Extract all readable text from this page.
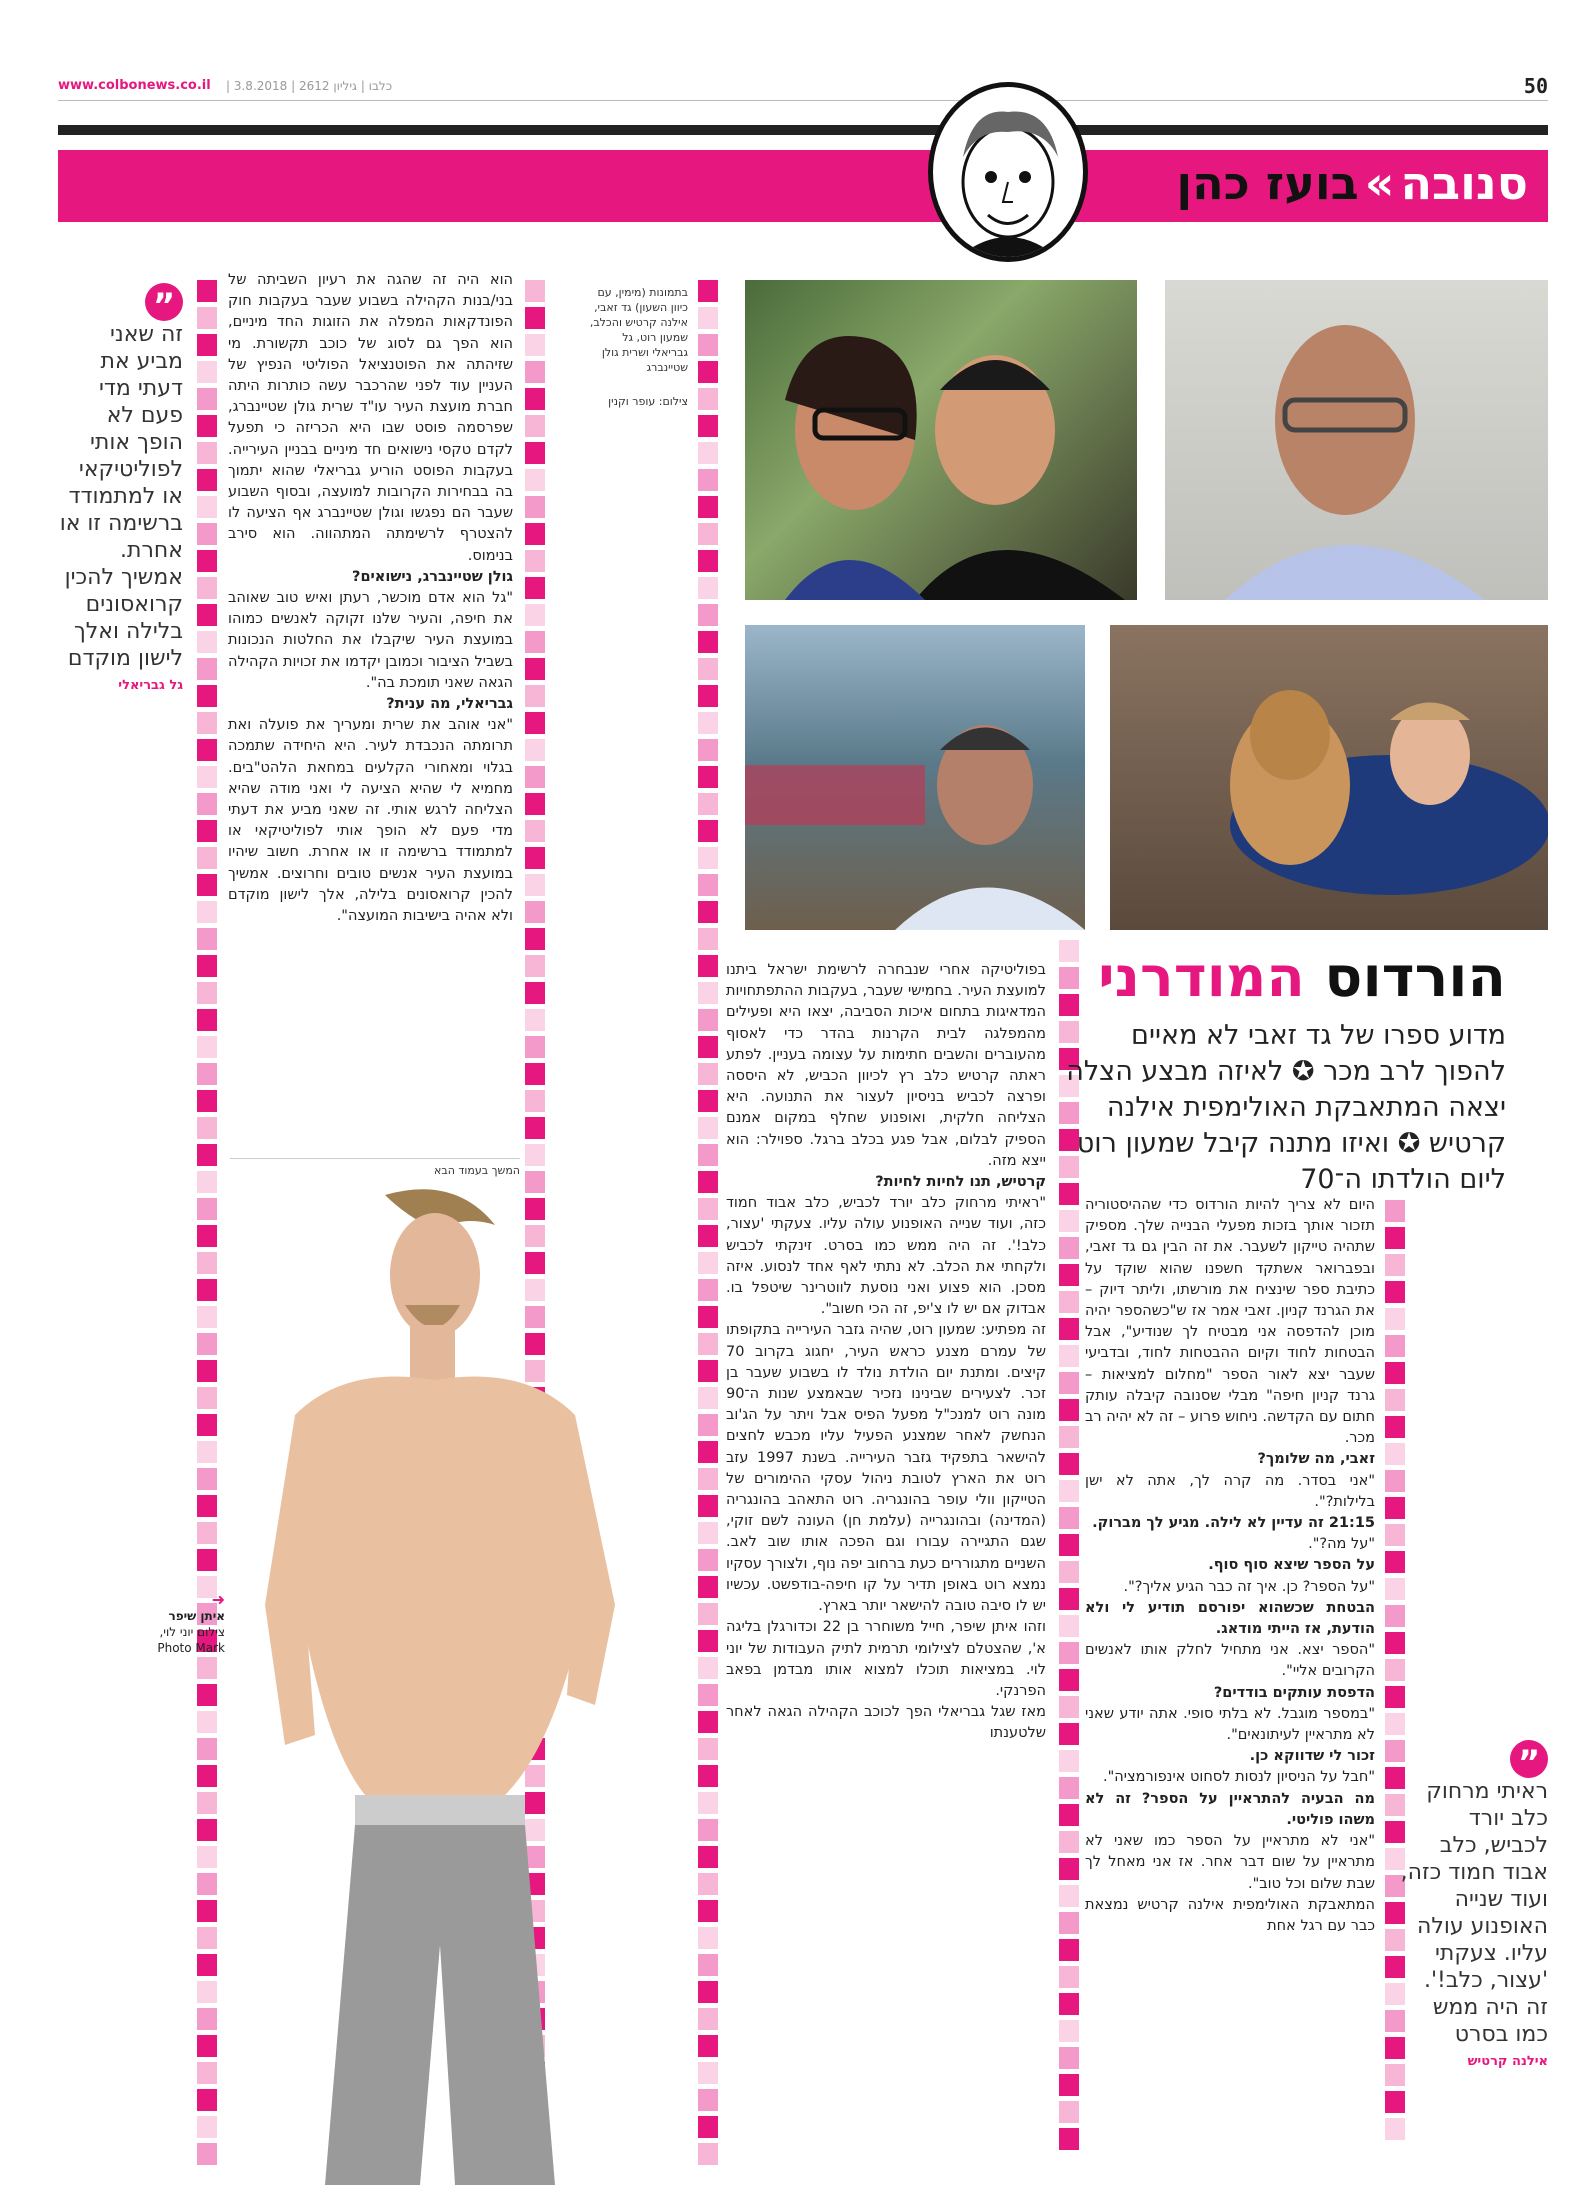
www.colbonews.co.il | כלבו | גיליון 2612 | 3.8.2018	50
סנובה»בועז כהן
בתמונות (מימין, עם כיוון השעון) גד זאבי, אילנה קרטיש והכלב, שמעון רוט, גל גבריאלי ושרית גולן שטיינברג
צילום: עופר וקנין
➜
איתן שיפר
צילום יוני לוי, Photo Mark
המשך בעמוד הבא
”
זה שאני מביע את דעתי מדי פעם לא הופך אותי לפוליטיקאי או למתמודד ברשימה זו או אחרת. אמשיך להכין קרואסונים בלילה ואלך לישון מוקדם
גל גבריאלי
”
ראיתי מרחוק כלב יורד לכביש, כלב אבוד חמוד כזה, ועוד שנייה האופנוע עולה עליו. צעקתי 'עצור, כלב!'. זה היה ממש כמו בסרט
אילנה קרטיש
הורדוס המודרני
מדוע ספרו של גד זאבי לא מאיים להפוך לרב מכר ✪ לאיזה מבצע הצלה יצאה המתאבקת האולימפית אילנה קרטיש ✪ ואיזו מתנה קיבל שמעון רוט ליום הולדתו ה־70

היום לא צריך להיות הורדוס כדי שההיסטוריה תזכור אותך בזכות מפעלי הבנייה שלך. מספיק שתהיה טייקון לשעבר. את זה הבין גם גד זאבי, ובפברואר אשתקד חשפנו שהוא שוקד על כתיבת ספר שינציח את מורשתו, וליתר דיוק – את הגרנד קניון. זאבי אמר אז ש"כשהספר יהיה מוכן להדפסה אני מבטיח לך שנודיע", אבל הבטחות לחוד וקיום ההבטחות לחוד, ובדביעי שעבר יצא לאור הספר "מחלום למציאות – גרנד קניון חיפה" מבלי שסנובה קיבלה עותק חתום עם הקדשה. ניחוש פרוע – זה לא יהיה רב מכר.

זאבי, מה שלומך?

"אני בסדר. מה קרה לך, אתה לא ישן בלילות?".

21:15 זה עדיין לא לילה. מגיע לך מברוק.

"על מה?".

על הספר שיצא סוף סוף.

"על הספר? כן. איך זה כבר הגיע אליך?".

הבטחת שכשהוא יפורסם תודיע לי ולא הודעת, אז הייתי מודאג.

"הספר יצא. אני מתחיל לחלק אותו לאנשים הקרובים אליי".

הדפסת עותקים בודדים?

"במספר מוגבל. לא בלתי סופי. אתה יודע שאני לא מתראיין לעיתונאים".

זכור לי שדווקא כן.

"חבל על הניסיון לנסות לסחוט אינפורמציה".

מה הבעיה להתראיין על הספר? זה לא משהו פוליטי.

"אני לא מתראיין על הספר כמו שאני לא מתראיין על שום דבר אחר. אז אני מאחל לך שבת שלום וכל טוב".

המתאבקת האולימפית אילנה קרטיש נמצאת כבר עם רגל אחת

בפוליטיקה אחרי שנבחרה לרשימת ישראל ביתנו למועצת העיר. בחמישי שעבר, בעקבות ההתפתחויות המדאיגות בתחום איכות הסביבה, יצאו היא ופעילים מהמפלגה לבית הקרנות בהדר כדי לאסוף מהעוברים והשבים חתימות על עצומה בעניין. לפתע ראתה קרטיש כלב רץ לכיוון הכביש, לא היססה ופרצה לכביש בניסיון לעצור את התנועה. היא הצליחה חלקית, ואופנוע שחלף במקום אמנם הספיק לבלום, אבל פגע בכלב ברגל. ספוילר: הוא ייצא מזה.

קרטיש, תנו לחיות לחיות?

"ראיתי מרחוק כלב יורד לכביש, כלב אבוד חמוד כזה, ועוד שנייה האופנוע עולה עליו. צעקתי 'עצור, כלב!'. זה היה ממש כמו בסרט. זינקתי לכביש ולקחתי את הכלב. לא נתתי לאף אחד לנסוע. איזה מסכן. הוא פצוע ואני נוסעת לווטרינר שיטפל בו. אבדוק אם יש לו צ'יפ, זה הכי חשוב".

זה מפתיע: שמעון רוט, שהיה גזבר העירייה בתקופתו של עמרם מצנע כראש העיר, יחגוג בקרוב 70 קיצים. ומתנת יום הולדת נולד לו בשבוע שעבר בן זכר. לצעירים שבינינו נזכיר שבאמצע שנות ה־90 מונה רוט למנכ"ל מפעל הפיס אבל ויתר על הג'וב הנחשק לאחר שמצנע הפעיל עליו מכבש לחצים להישאר בתפקיד גזבר העירייה. בשנת 1997 עזב רוט את הארץ לטובת ניהול עסקי ההימורים של הטייקון וולי עופר בהונגריה. רוט התאהב בהונגריה (המדינה) ובהונגרייה (עלמת חן) העונה לשם זוקי, שגם התגיירה עבורו וגם הפכה אותו שוב לאב. השניים מתגוררים כעת ברחוב יפה נוף, ולצורך עסקיו נמצא רוט באופן תדיר על קו חיפה-בודפשט. עכשיו יש לו סיבה טובה להישאר יותר בארץ.

וזהו איתן שיפר, חייל משוחרר בן 22 וכדורגלן בליגה א', שהצטלם לצילומי תרמית לתיק העבודות של יוני לוי. במציאות תוכלו למצוא אותו מבדמן בפאב הפרנקי.

מאז שגל גבריאלי הפך לכוכב הקהילה הגאה לאחר שלטענתו

הוא היה זה שהגה את רעיון השביתה של בני/בנות הקהילה בשבוע שעבר בעקבות חוק הפונדקאות המפלה את הזוגות החד מיניים, הוא הפך גם לסוג של כוכב תקשורת. מי שזיהתה את הפוטנציאל הפוליטי הנפיץ של העניין עוד לפני שהרכבר עשה כותרות היתה חברת מועצת העיר עו"ד שרית גולן שטיינברג, שפרסמה פוסט שבו היא הכריזה כי תפעל לקדם טקסי נישואים חד מיניים בבניין העירייה. בעקבות הפוסט הוריע גבריאלי שהוא יתמוך בה בבחירות הקרובות למועצה, ובסוף השבוע שעבר הם נפגשו וגולן שטיינברג אף הציעה לו להצטרף לרשימתה המתהווה. הוא סירב בנימוס.

גולן שטיינברג, נישואים?

"גל הוא אדם מוכשר, רעתן ואיש טוב שאוהב את חיפה, והעיר שלנו זקוקה לאנשים כמוהו במועצת העיר שיקבלו את החלטות הנכונות בשביל הציבור וכמובן יקדמו את זכויות הקהילה הגאה שאני תומכת בה".

גבריאלי, מה ענית?

"אני אוהב את שרית ומעריך את פועלה ואת תרומתה הנכבדת לעיר. היא היחידה שתמכה בגלוי ומאחורי הקלעים במחאת הלהט"בים. מחמיא לי שהיא הציעה לי ואני מודה שהיא הצליחה לרגש אותי. זה שאני מביע את דעתי מדי פעם לא הופך אותי לפוליטיקאי או למתמודד ברשימה זו או אחרת. חשוב שיהיו במועצת העיר אנשים טובים וחרוצים. אמשיך להכין קרואסונים בלילה, אלך לישון מוקדם ולא אהיה בישיבות המועצה".
